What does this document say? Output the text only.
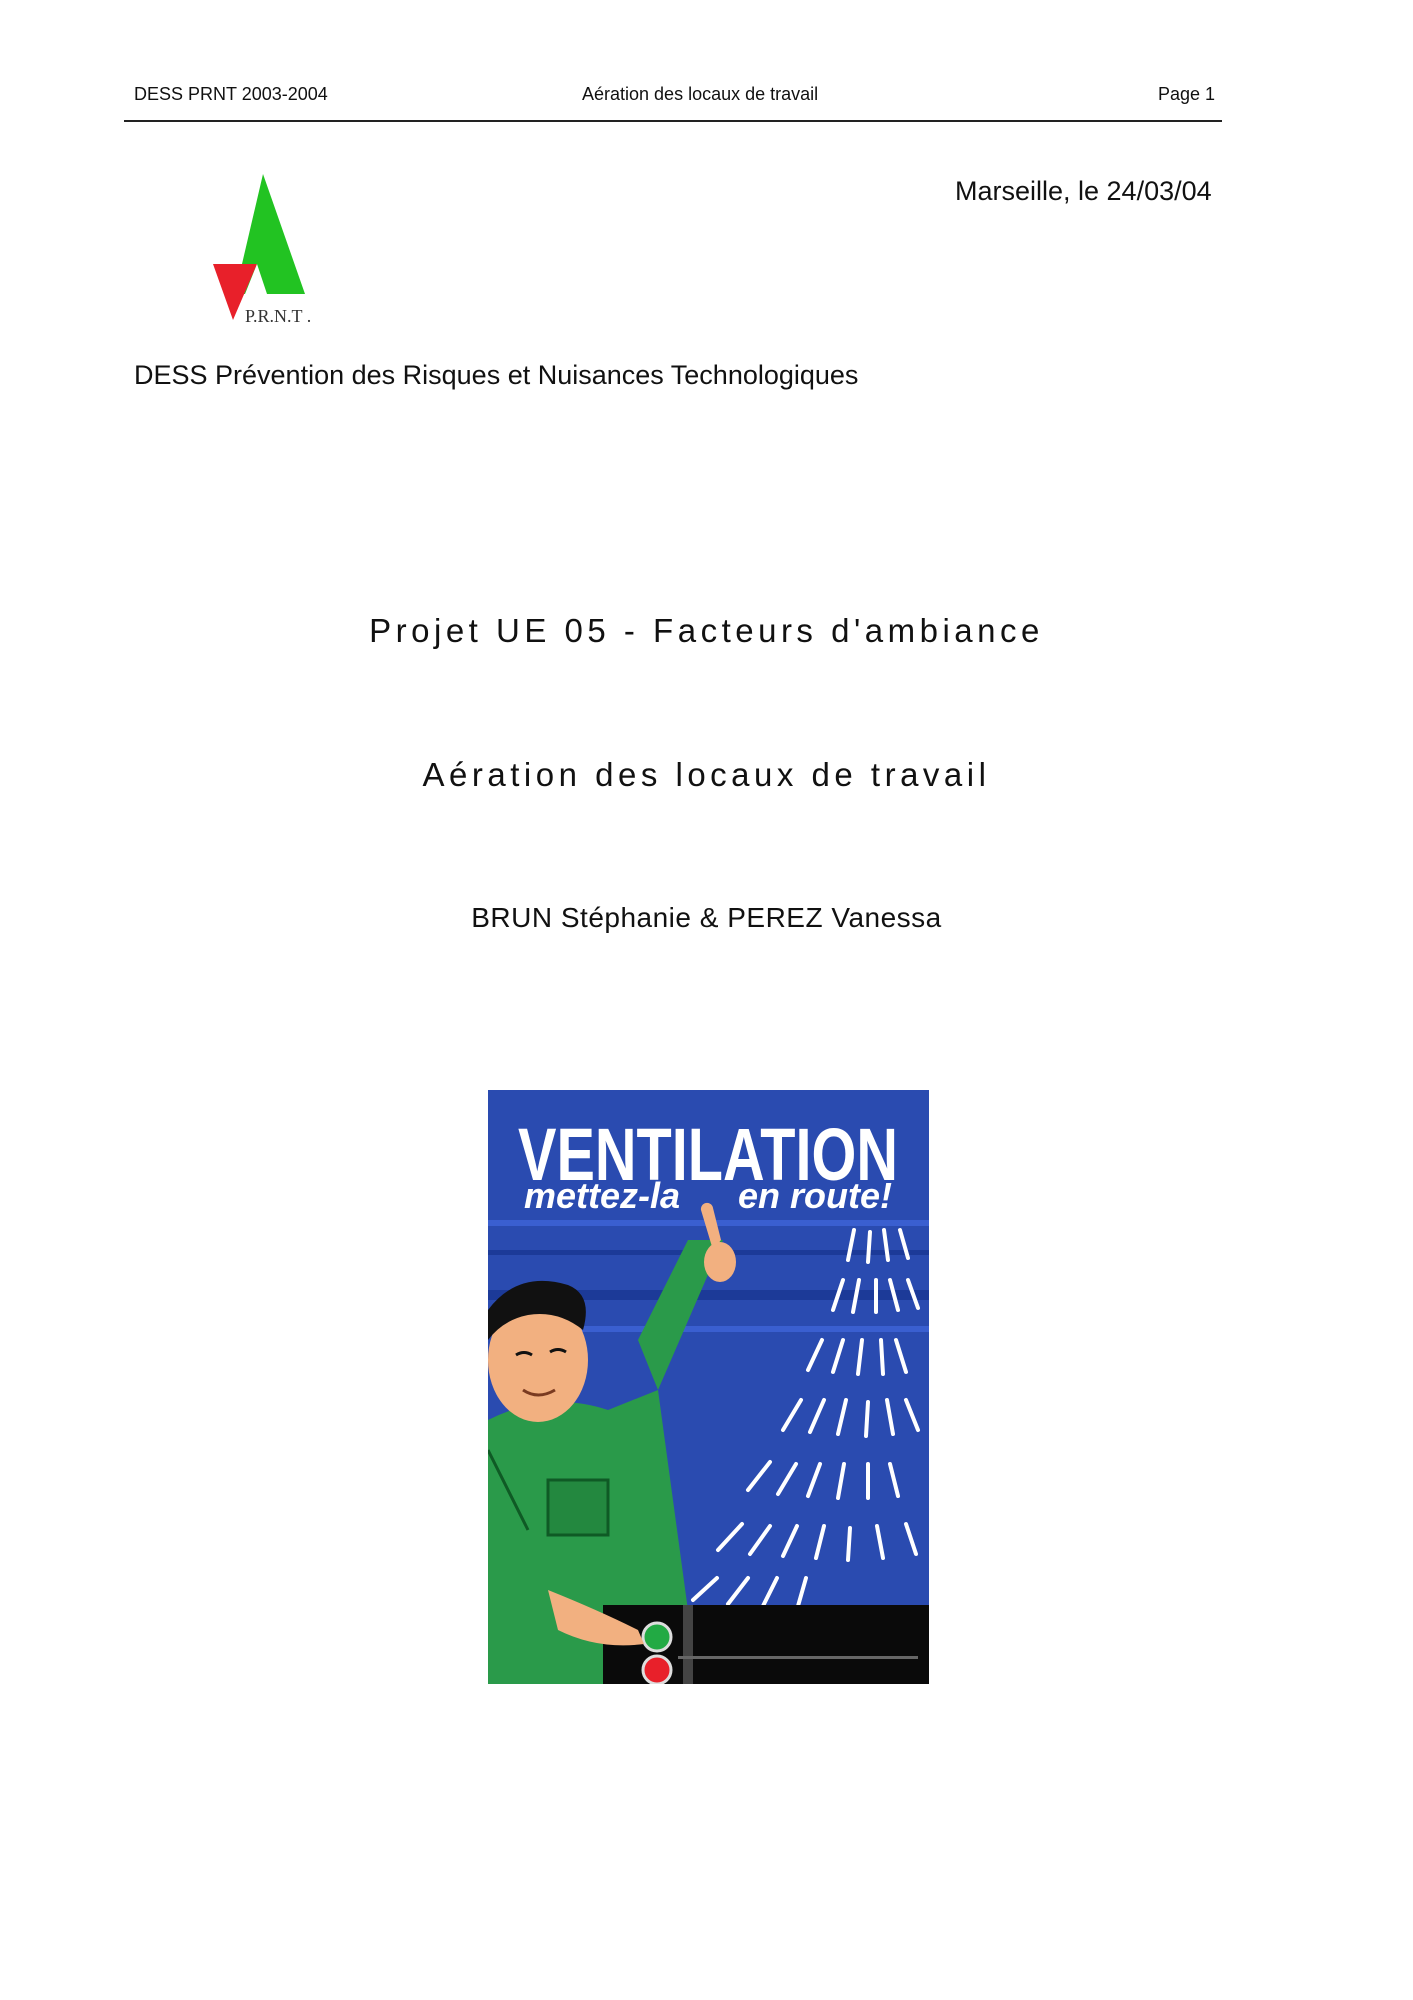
DESS PRNT 2003-2004	Aération des locaux de travail	Page 1
P.R.N.T .
Marseille, le 24/03/04
DESS Prévention des Risques et Nuisances Technologiques
Projet UE 05 - Facteurs d'ambiance
Aération des locaux de travail
BRUN Stéphanie & PEREZ Vanessa
VENTILATION
mettez-la en route!
